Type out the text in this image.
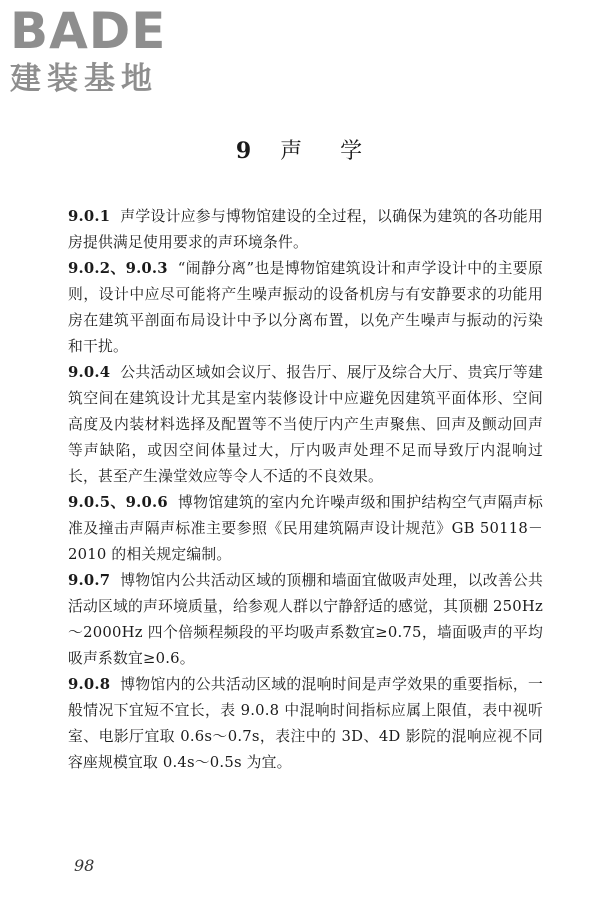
BADE
建装基地
9 声    学

9.0.1 声学设计应参与博物馆建设的全过程，以确保为建筑的各功能用房提供满足使用要求的声环境条件。

9.0.2、9.0.3 “闹静分离”也是博物馆建筑设计和声学设计中的主要原则，设计中应尽可能将产生噪声振动的设备机房与有安静要求的功能用房在建筑平剖面布局设计中予以分离布置，以免产生噪声与振动的污染和干扰。

9.0.4 公共活动区域如会议厅、报告厅、展厅及综合大厅、贵宾厅等建筑空间在建筑设计尤其是室内装修设计中应避免因建筑平面体形、空间高度及内装材料选择及配置等不当使厅内产生声聚焦、回声及颤动回声等声缺陷，或因空间体量过大，厅内吸声处理不足而导致厅内混响过长，甚至产生澡堂效应等令人不适的不良效果。

9.0.5、9.0.6 博物馆建筑的室内允许噪声级和围护结构空气声隔声标准及撞击声隔声标准主要参照《民用建筑隔声设计规范》GB 50118－2010 的相关规定编制。

9.0.7 博物馆内公共活动区域的顶棚和墙面宜做吸声处理，以改善公共活动区域的声环境质量，给参观人群以宁静舒适的感觉，其顶棚 250Hz～2000Hz 四个倍频程频段的平均吸声系数宜≥0.75，墙面吸声的平均吸声系数宜≥0.6。

9.0.8 博物馆内的公共活动区域的混响时间是声学效果的重要指标，一般情况下宜短不宜长，表 9.0.8 中混响时间指标应属上限值，表中视听室、电影厅宜取 0.6s～0.7s，表注中的 3D、4D 影院的混响应视不同容座规模宜取 0.4s～0.5s 为宜。

98
